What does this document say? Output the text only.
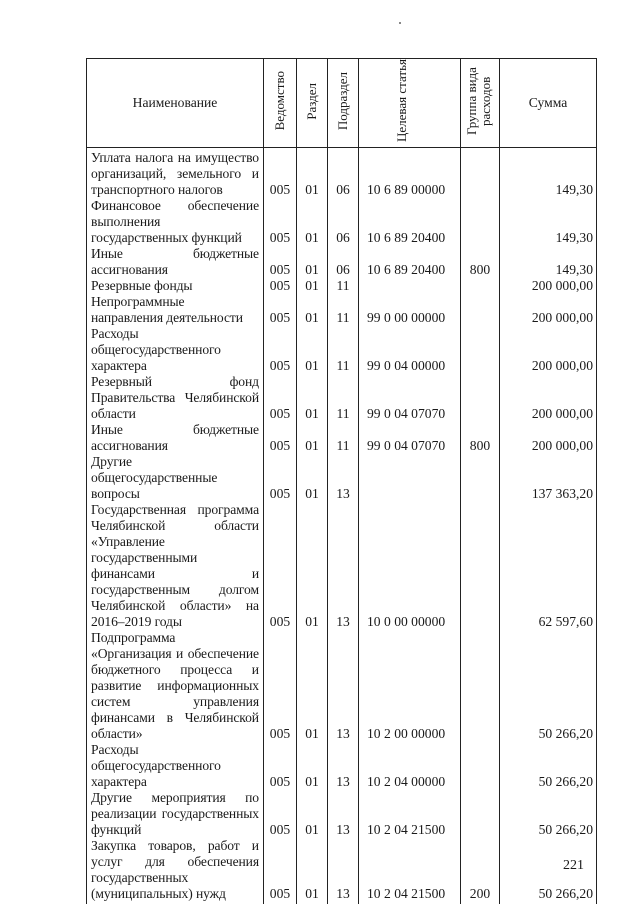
Наименование	Ведомство	Раздел	Подраздел	Целевая статья	Группа вида расходов	Сумма
Уплата налога на имущество организаций, земельного и транспортного налогов	005	01	06	10 6 89 00000		149,30
Финансовое обеспечение выполнения государственных функций	005	01	06	10 6 89 20400		149,30
Иные бюджетные ассигнования	005	01	06	10 6 89 20400	800	149,30
Резервные фонды	005	01	11			200 000,00
Непрограммные направления деятельности	005	01	11	99 0 00 00000		200 000,00
Расходы общегосударственного характера	005	01	11	99 0 04 00000		200 000,00
Резервный фонд Правительства Челябинской области	005	01	11	99 0 04 07070		200 000,00
Иные бюджетные ассигнования	005	01	11	99 0 04 07070	800	200 000,00
Другие общегосударственные вопросы	005	01	13			137 363,20
Государственная программа Челябинской области «Управление государственными финансами и государственным долгом Челябинской области» на 2016–2019 годы	005	01	13	10 0 00 00000		62 597,60
Подпрограмма «Организация и обеспечение бюджетного процесса и развитие информационных систем управления финансами в Челябинской области»	005	01	13	10 2 00 00000		50 266,20
Расходы общегосударственного характера	005	01	13	10 2 04 00000		50 266,20
Другие мероприятия по реализации государственных функций	005	01	13	10 2 04 21500		50 266,20
Закупка товаров, работ и услуг для обеспечения государственных (муниципальных) нужд	005	01	13	10 2 04 21500	200	50 266,20
221
